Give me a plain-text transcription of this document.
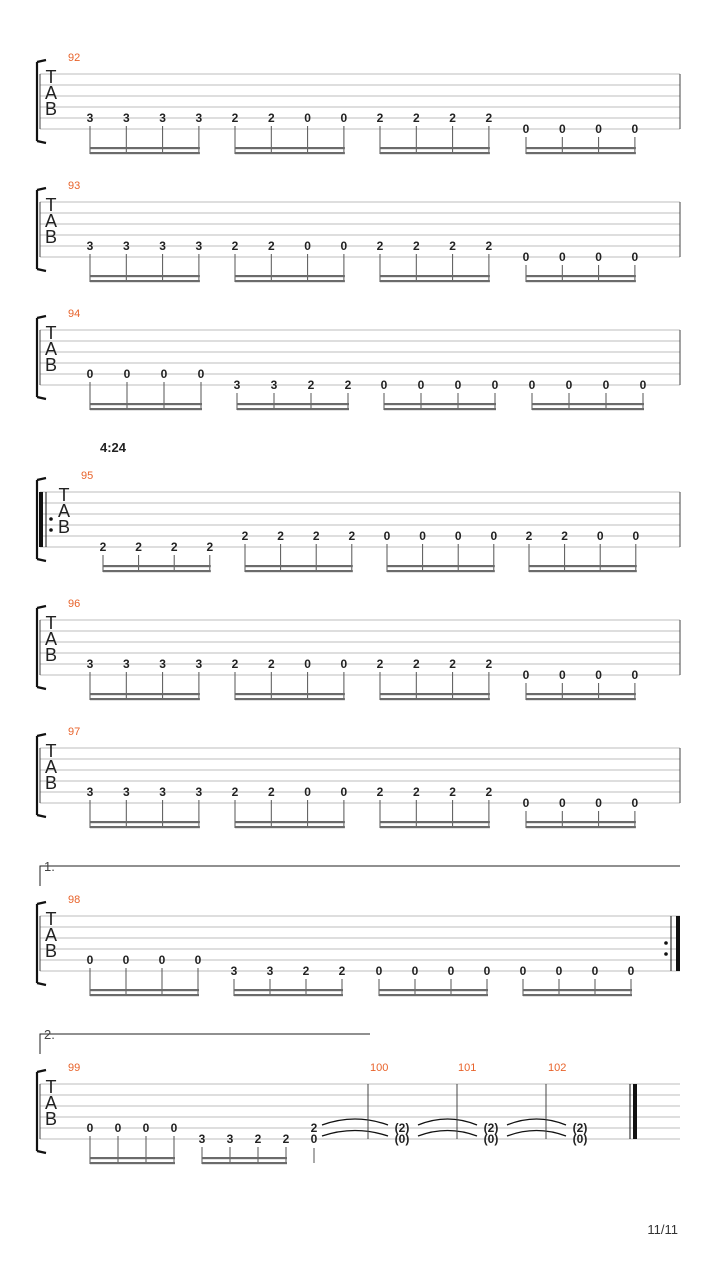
T
A
B
92
3 3 3 3 2 2 0 0 2 2 2 2
0 0 0 0
T
A
B
93
3 3 3 3 2 2 0 0 2 2 2 2
0 0 0 0
T
A
B
94
0	0	0	0
3	3	2	2 0	0	0	0	0	0	0	0
T
A
B
95
2 2 2 2
2 2 2 2 0 0 0 0 2 2 0 0
T
A
B
96
3 3 3 3 2 2 0 0 2 2 2 2
0 0 0 0
T
A
B
97
3 3 3 3 2 2 0 0 2 2 2 2
0 0 0 0
T
A
B
98
0 0 0 0
3 3 2 2	0 0 0 0 0 0 0 0
T
A
B
99
0 0 0 0
3 3 2 2
2
0
100
(2)
(0)
101
(2)
(0)
102
(2)
(0)
4:24
1.
2.
11/11
